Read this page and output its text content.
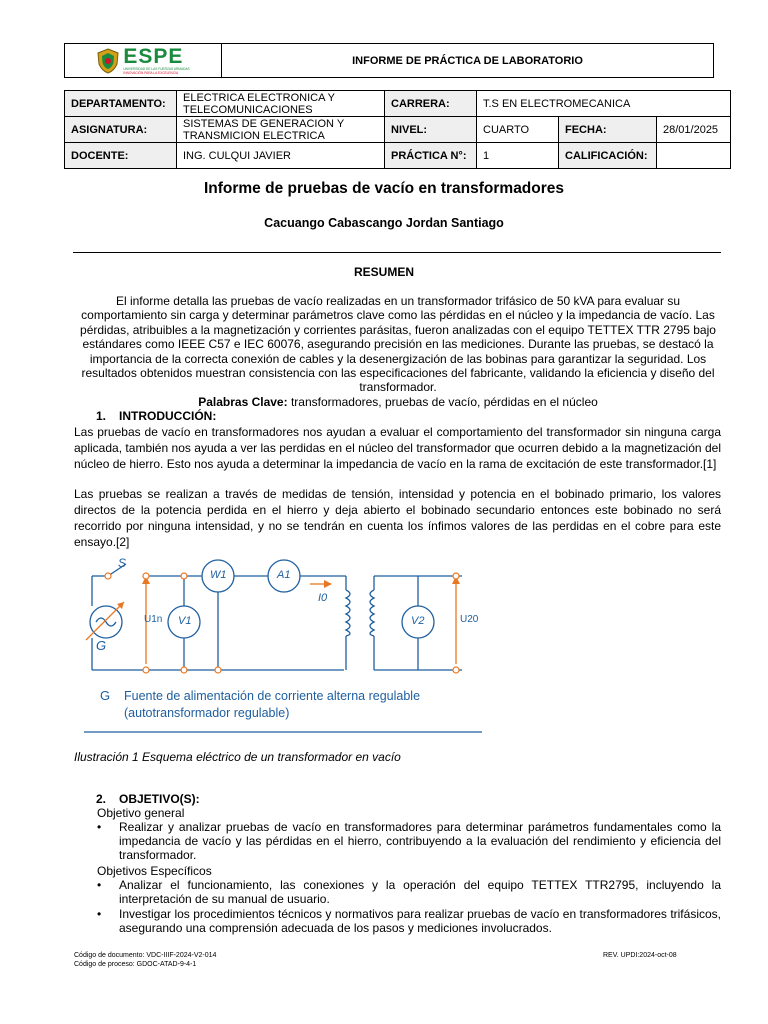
ESPE
UNIVERSIDAD DE LAS FUERZAS ARMADAS
INNOVACIÓN PARA LA EXCELENCIA
INFORME DE PRÁCTICA DE LABORATORIO
DEPARTAMENTO:	ELECTRICA ELECTRONICA Y TELECOMUNICACIONES	CARRERA:	T.S EN ELECTROMECANICA		
ASIGNATURA:	SISTEMAS DE GENERACION Y TRANSMICION ELECTRICA	NIVEL:	CUARTO	FECHA:	28/01/2025
DOCENTE:	ING. CULQUI JAVIER	PRÁCTICA N°:	1	CALIFICACIÓN:	
Informe de pruebas de vacío en transformadores
Cacuango Cabascango Jordan Santiago
RESUMEN
El informe detalla las pruebas de vacío realizadas en un transformador trifásico de 50 kVA para evaluar su comportamiento sin carga y determinar parámetros clave como las pérdidas en el núcleo y la impedancia de vacío. Las pérdidas, atribuibles a la magnetización y corrientes parásitas, fueron analizadas con el equipo TETTEX TTR 2795 bajo estándares como IEEE C57 e IEC 60076, asegurando precisión en las mediciones. Durante las pruebas, se destacó la importancia de la correcta conexión de cables y la desenergización de las bobinas para garantizar la seguridad. Los resultados obtenidos muestran consistencia con las especificaciones del fabricante, validando la eficiencia y diseño del transformador.
Palabras Clave: transformadores, pruebas de vacío, pérdidas en el núcleo
1. INTRODUCCIÓN:
Las pruebas de vacío en transformadores nos ayudan a evaluar el comportamiento del transformador sin ninguna carga aplicada, también nos ayuda a ver las perdidas en el núcleo del transformador que ocurren debido a la magnetización del núcleo de hierro. Esto nos ayuda a determinar la impedancia de vacío en la rama de excitación de este transformador.[1]
Las pruebas se realizan a través de medidas de tensión, intensidad y potencia en el bobinado primario, los valores directos de la potencia perdida en el hierro y deja abierto el bobinado secundario entonces este bobinado no será recorrido por ninguna intensidad, y no se tendrán en cuenta los ínfimos valores de las perdidas en el cobre para este ensayo.[2]
S
G
U1n V1
W1	A1
I0
V2	U20
G Fuente de alimentación de corriente alterna regulable
(autotransformador regulable)
Ilustración 1 Esquema eléctrico de un transformador en vacío
2. OBJETIVO(S):
Objetivo general
• Realizar y analizar pruebas de vacío en transformadores para determinar parámetros fundamentales como la impedancia de vacío y las pérdidas en el hierro, contribuyendo a la evaluación del rendimiento y eficiencia del transformador.
Objetivos Específicos
• Analizar el funcionamiento, las conexiones y la operación del equipo TETTEX TTR2795, incluyendo la interpretación de su manual de usuario.
• Investigar los procedimientos técnicos y normativos para realizar pruebas de vacío en transformadores trifásicos, asegurando una comprensión adecuada de los pasos y mediciones involucrados.
Código de documento: VDC-IIIF-2024-V2-014
Código de proceso: GDOC-ATAD-9-4-1
REV. UPDI:2024-oct-08
